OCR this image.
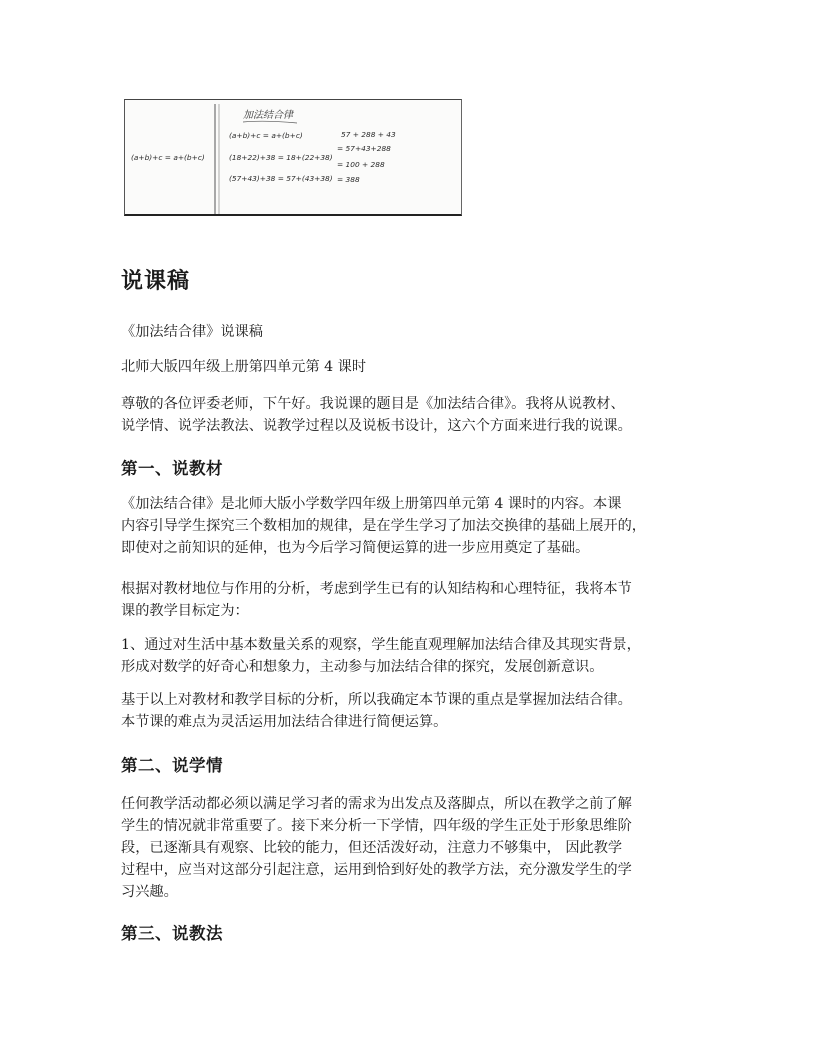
加法结合律
(a+b)+c = a+(b+c)
(a+b)+c = a+(b+c)
(18+22)+38 = 18+(22+38)
(57+43)+38 = 57+(43+38)
57 + 288 + 43
= 57+43+288
= 100 + 288
= 388
说课稿

《加法结合律》说课稿

北师大版四年级上册第四单元第 4 课时

尊敬的各位评委老师，下午好。我说课的题目是《加法结合律》。我将从说教材、
说学情、说学法教法、说教学过程以及说板书设计，这六个方面来进行我的说课。

第一、说教材

《加法结合律》是北师大版小学数学四年级上册第四单元第 4 课时的内容。本课
内容引导学生探究三个数相加的规律，是在学生学习了加法交换律的基础上展开的，
即使对之前知识的延伸，也为今后学习简便运算的进一步应用奠定了基础。

根据对教材地位与作用的分析，考虑到学生已有的认知结构和心理特征，我将本节
课的教学目标定为：

1、通过对生活中基本数量关系的观察，学生能直观理解加法结合律及其现实背景，
形成对数学的好奇心和想象力，主动参与加法结合律的探究，发展创新意识。

基于以上对教材和教学目标的分析，所以我确定本节课的重点是掌握加法结合律。
本节课的难点为灵活运用加法结合律进行简便运算。

第二、说学情

任何教学活动都必须以满足学习者的需求为出发点及落脚点，所以在教学之前了解
学生的情况就非常重要了。接下来分析一下学情，四年级的学生正处于形象思维阶
段，已逐渐具有观察、比较的能力，但还活泼好动，注意力不够集中， 因此教学
过程中，应当对这部分引起注意，运用到恰到好处的教学方法，充分激发学生的学
习兴趣。

第三、说教法
